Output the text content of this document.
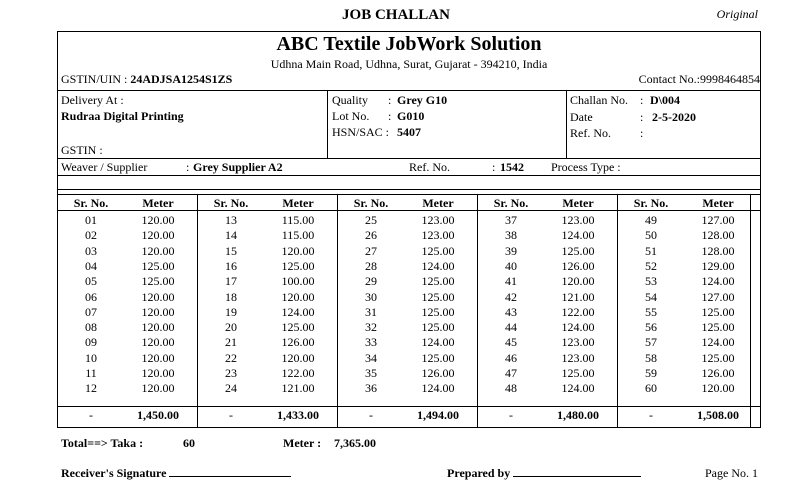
JOB CHALLAN	Original
ABC Textile JobWork Solution
Udhna Main Road, Udhna, Surat, Gujarat - 394210, India
GSTIN/UIN : 24ADJSA1254S1ZS	Contact No.:9998464854
Delivery At :
Rudraa Digital Printing
GSTIN :
Quality : Grey G10
Lot No. : G010
HSN/SAC : 5407
Challan No. : D\004
Date	: 2-5-2020
Ref. No. :
Weaver / Supplier	: Grey Supplier A2	Ref. No.	: 1542 Process Type :
Sr. No.	Meter
01	120.00
02	120.00
03	120.00
04	125.00
05	125.00
06	120.00
07	120.00
08	120.00
09	120.00
10	120.00
11	120.00
12	120.00
-	1,450.00
Sr. No.	Meter
13	115.00
14	115.00
15	120.00
16	125.00
17	100.00
18	120.00
19	124.00
20	125.00
21	126.00
22	120.00
23	122.00
24	121.00
-	1,433.00
Sr. No.	Meter
25	123.00
26	123.00
27	125.00
28	124.00
29	125.00
30	125.00
31	125.00
32	125.00
33	124.00
34	125.00
35	126.00
36	124.00
-	1,494.00
Sr. No.	Meter
37	123.00
38	124.00
39	125.00
40	126.00
41	120.00
42	121.00
43	122.00
44	124.00
45	123.00
46	123.00
47	125.00
48	124.00
-	1,480.00
Sr. No.	Meter
49	127.00
50	128.00
51	128.00
52	129.00
53	124.00
54	127.00
55	125.00
56	125.00
57	124.00
58	125.00
59	126.00
60	120.00
-	1,508.00
Total==> Taka :	60	Meter : 7,365.00
Receiver's Signature	Prepared by	Page No. 1
